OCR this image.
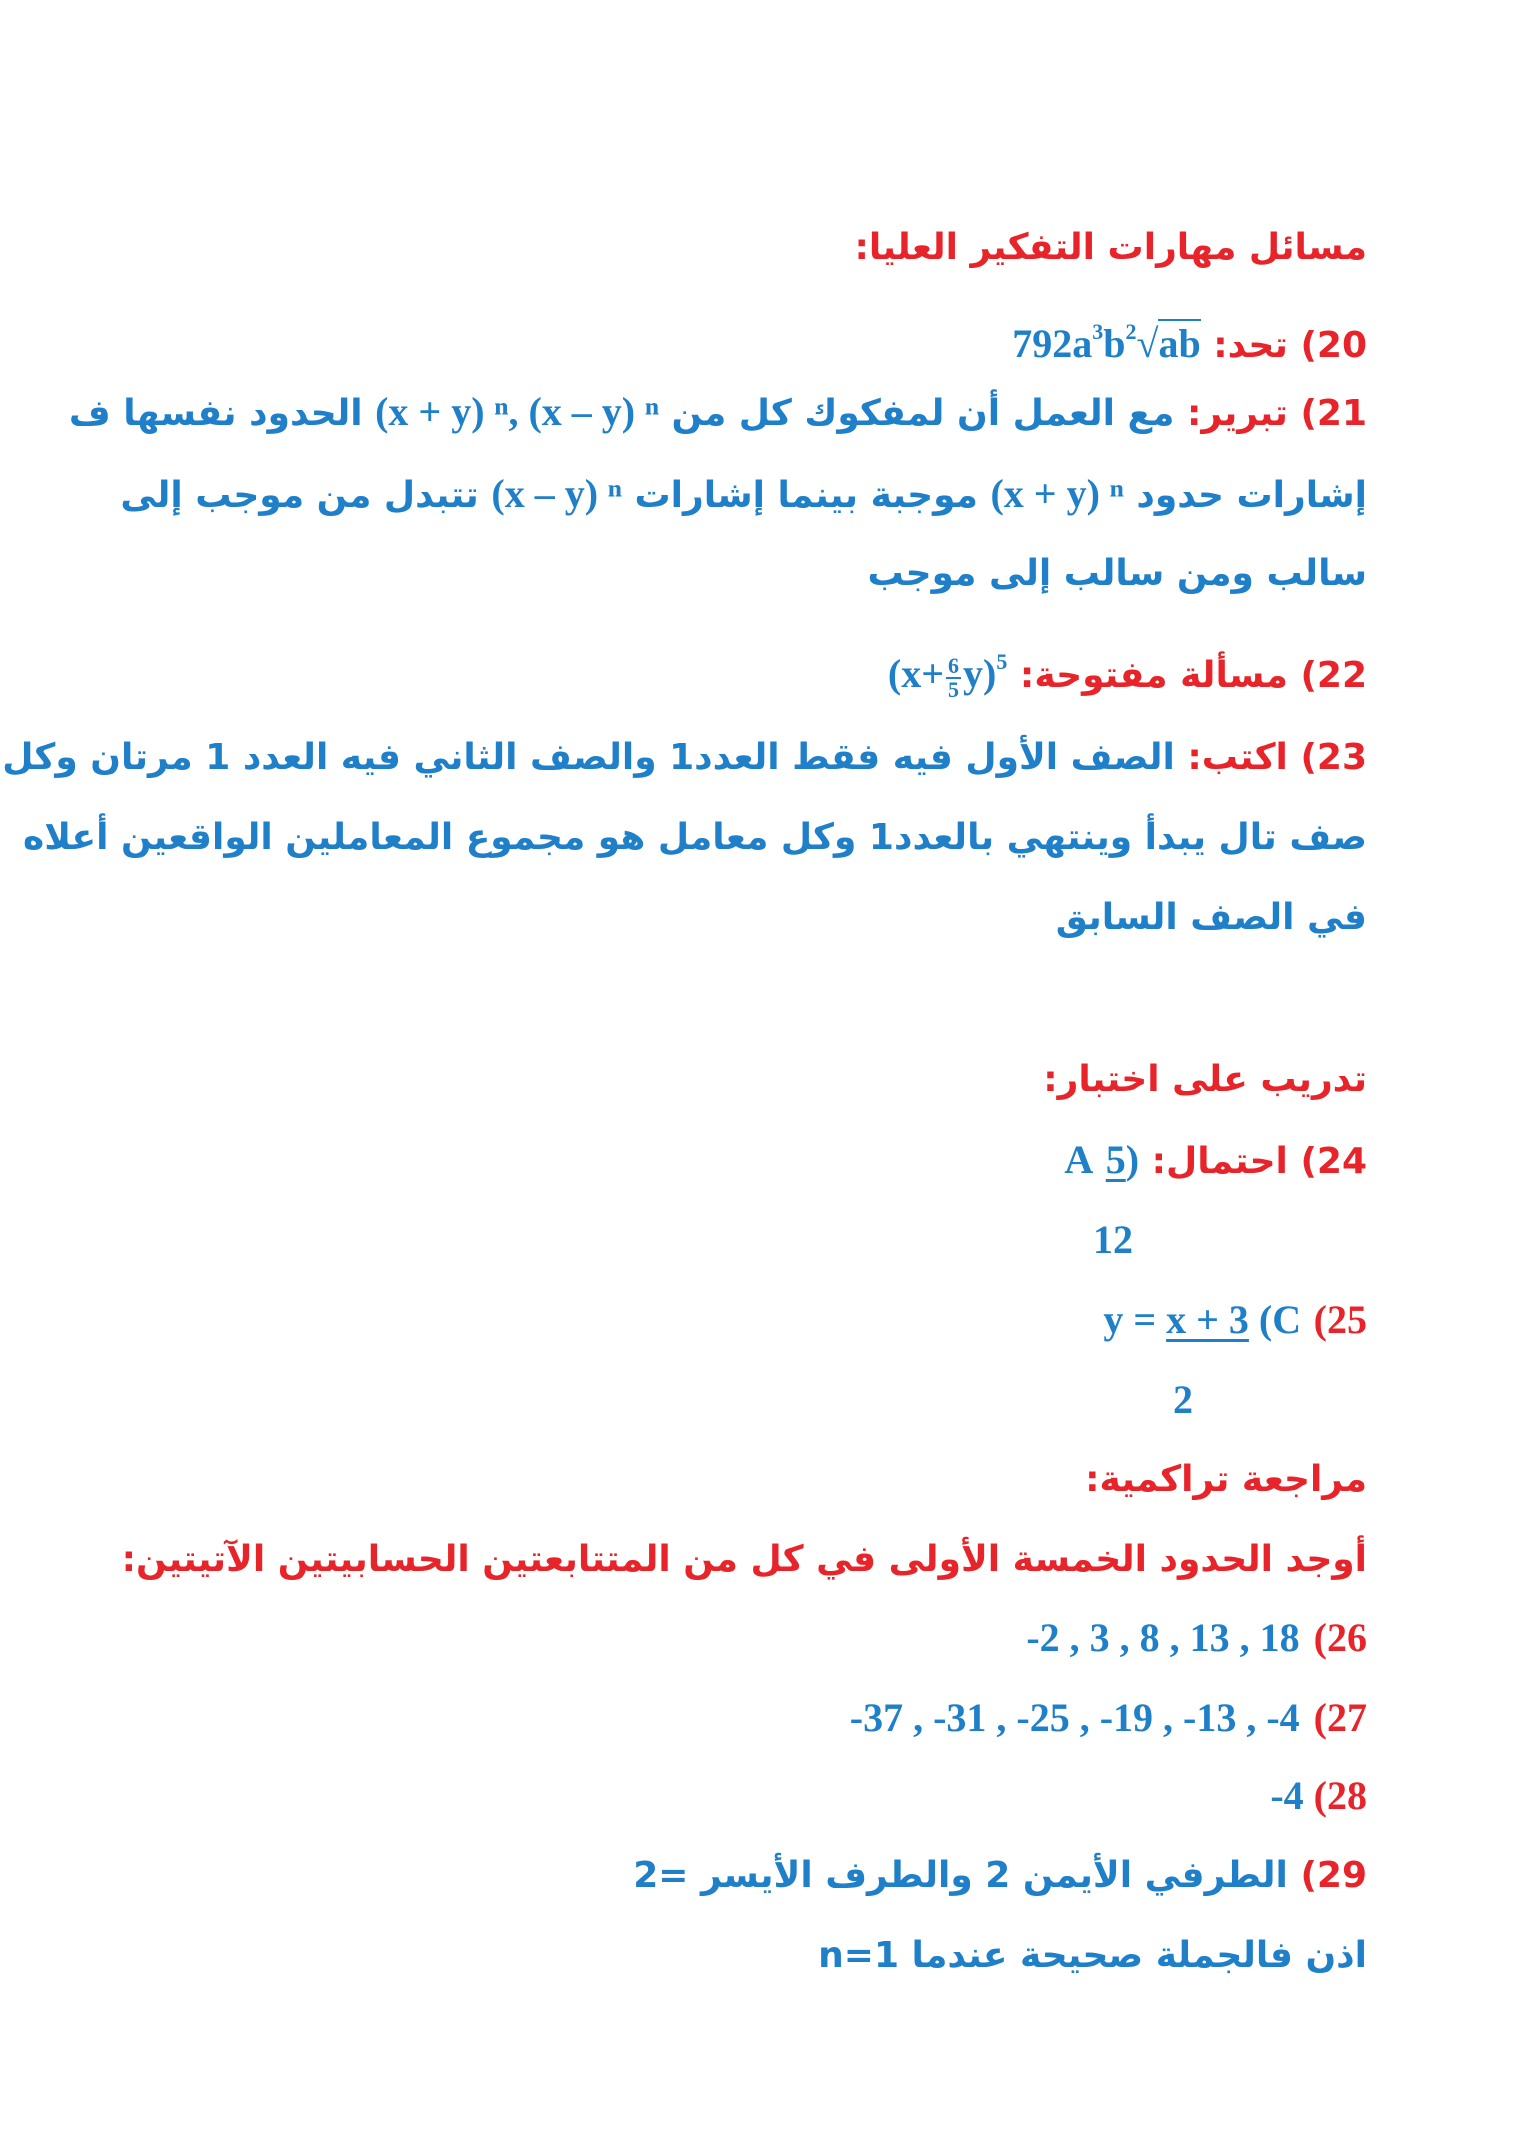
مسائل مهارات التفكير العليا:
20) تحد: $792a^3b^2√ab$
21) تبرير: مع العمل أن لمفكوك كل من (x + y) ⁿ, (x – y) ⁿ الحدود نفسها ف
إشارات حدود (x + y) ⁿ موجبة بينما إشارات (x – y) ⁿ تتبدل من موجب إلى
سالب ومن سالب إلى موجب
22) مسألة مفتوحة: $(x+ \frac{6}{5} y)^5$
23) اكتب: الصف الأول فيه فقط العدد1 والصف الثاني فيه العدد 1 مرتان وكل
صف تال يبدأ وينتهي بالعدد1 وكل معامل هو مجموع المعاملين الواقعين أعلاه
في الصف السابق
تدريب على اختبار:
24) احتمال: (A 5
12
(25 y = x + 3 (C
2
مراجعة تراكمية:
أوجد الحدود الخمسة الأولى في كل من المتتابعتين الحسابيتين الآتيتين:
-2 , 3 , 8 , 13 , 18 (26
-37 , -31 , -25 , -19 , -13 , -4 (27
-4 (28
29) الطرفي الأيمن 2 والطرف الأيسر =2
اذن فالجملة صحيحة عندما n=1
